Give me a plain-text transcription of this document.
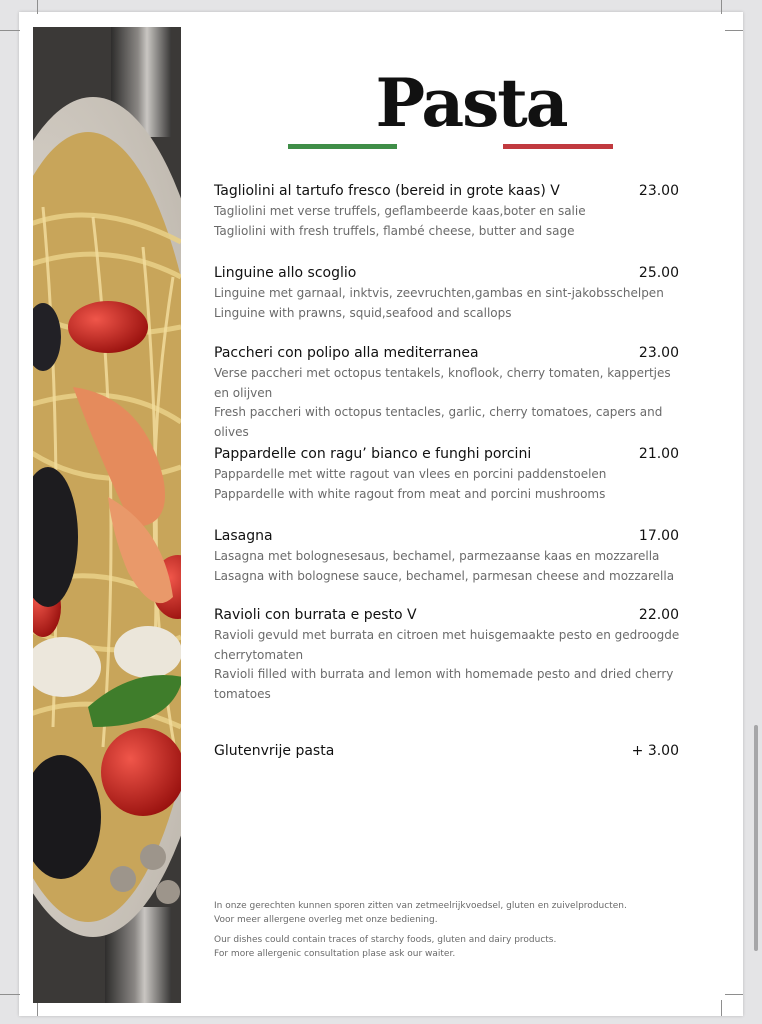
Pasta
Tagliolini al tartufo fresco (bereid in grote kaas) V	23.00

Tagliolini met verse truffels, geflambeerde kaas,boter en salie

Tagliolini with fresh truffels, flambé cheese, butter and sage

Linguine allo scoglio	25.00

Linguine met garnaal, inktvis, zeevruchten,gambas en sint-jakobsschelpen

Linguine with prawns, squid,seafood and scallops

Paccheri con polipo alla mediterranea	23.00

Verse paccheri met octopus tentakels, knoflook, cherry tomaten, kappertjes en olijven

Fresh paccheri with octopus tentacles, garlic, cherry tomatoes, capers and olives

Pappardelle con ragu’ bianco e funghi porcini	21.00

Pappardelle met witte ragout van vlees en porcini paddenstoelen

Pappardelle with white ragout from meat and porcini mushrooms

Lasagna	17.00

Lasagna met bolognesesaus, bechamel, parmezaanse kaas en mozzarella

Lasagna with bolognese sauce, bechamel, parmesan cheese and mozzarella

Ravioli con burrata e pesto V	22.00

Ravioli gevuld met burrata en citroen met huisgemaakte pesto en gedroogde cherrytomaten

Ravioli filled with burrata and lemon with homemade pesto and dried cherry tomatoes

Glutenvrije pasta	+ 3.00

In onze gerechten kunnen sporen zitten van zetmeelrijkvoedsel, gluten en zuivelproducten.
Voor meer allergene overleg met onze bediening.

Our dishes could contain traces of starchy foods, gluten and dairy products.
For more allergenic consultation plase ask our waiter.
